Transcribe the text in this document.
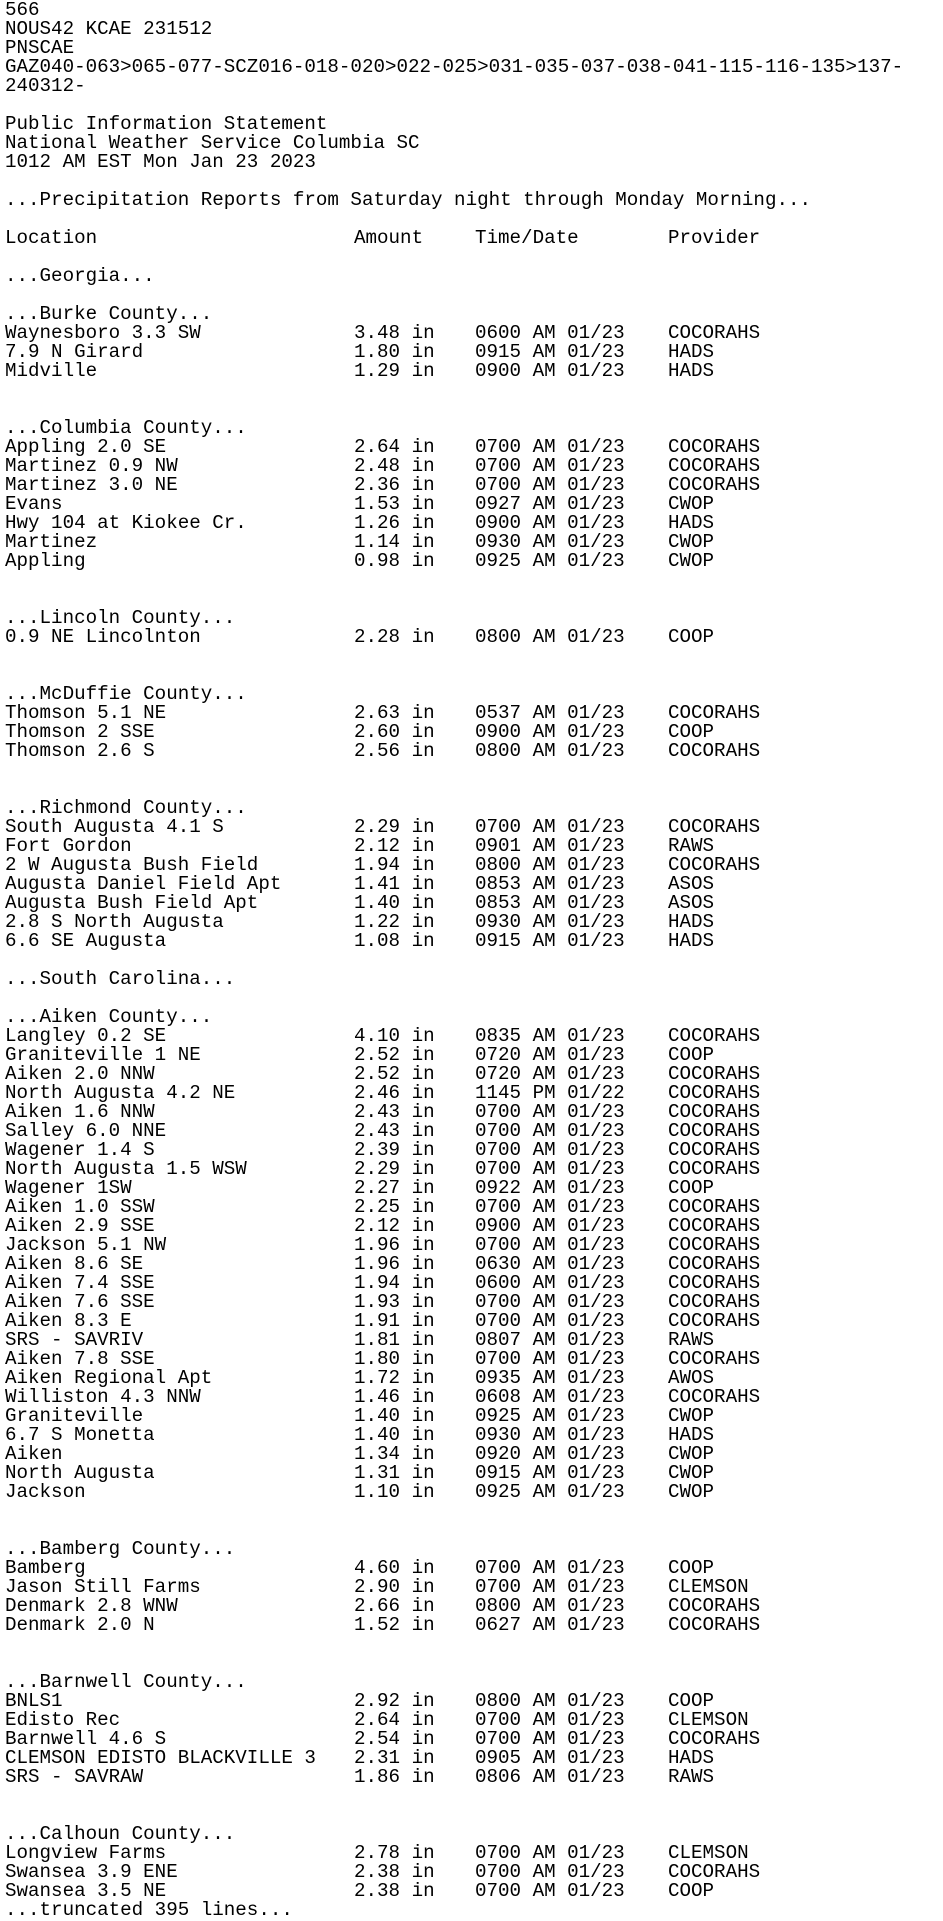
566
NOUS42 KCAE 231512
PNSCAE
GAZ040-063>065-077-SCZ016-018-020>022-025>031-035-037-038-041-115-116-135>137-
240312-
Public Information Statement
National Weather Service Columbia SC
1012 AM EST Mon Jan 23 2023
...Precipitation Reports from Saturday night through Monday Morning...
Location	Amount	Time/Date	Provider
...Georgia...
...Burke County...
Waynesboro 3.3 SW	3.48 in 0600 AM 01/23 COCORAHS
7.9 N Girard	1.80 in 0915 AM 01/23 HADS
Midville	1.29 in 0900 AM 01/23 HADS
...Columbia County...
Appling 2.0 SE	2.64 in 0700 AM 01/23 COCORAHS
Martinez 0.9 NW	2.48 in 0700 AM 01/23 COCORAHS
Martinez 3.0 NE	2.36 in 0700 AM 01/23 COCORAHS
Evans	1.53 in 0927 AM 01/23 CWOP
Hwy 104 at Kiokee Cr.	1.26 in 0900 AM 01/23 HADS
Martinez	1.14 in 0930 AM 01/23 CWOP
Appling	0.98 in 0925 AM 01/23 CWOP
...Lincoln County...
0.9 NE Lincolnton	2.28 in 0800 AM 01/23 COOP
...McDuffie County...
Thomson 5.1 NE	2.63 in 0537 AM 01/23 COCORAHS
Thomson 2 SSE	2.60 in 0900 AM 01/23 COOP
Thomson 2.6 S	2.56 in 0800 AM 01/23 COCORAHS
...Richmond County...
South Augusta 4.1 S	2.29 in 0700 AM 01/23 COCORAHS
Fort Gordon	2.12 in 0901 AM 01/23 RAWS
2 W Augusta Bush Field	1.94 in 0800 AM 01/23 COCORAHS
Augusta Daniel Field Apt	1.41 in 0853 AM 01/23 ASOS
Augusta Bush Field Apt	1.40 in 0853 AM 01/23 ASOS
2.8 S North Augusta	1.22 in 0930 AM 01/23 HADS
6.6 SE Augusta	1.08 in 0915 AM 01/23 HADS
...South Carolina...
...Aiken County...
Langley 0.2 SE	4.10 in 0835 AM 01/23 COCORAHS
Graniteville 1 NE	2.52 in 0720 AM 01/23 COOP
Aiken 2.0 NNW	2.52 in 0720 AM 01/23 COCORAHS
North Augusta 4.2 NE	2.46 in 1145 PM 01/22 COCORAHS
Aiken 1.6 NNW	2.43 in 0700 AM 01/23 COCORAHS
Salley 6.0 NNE	2.43 in 0700 AM 01/23 COCORAHS
Wagener 1.4 S	2.39 in 0700 AM 01/23 COCORAHS
North Augusta 1.5 WSW	2.29 in 0700 AM 01/23 COCORAHS
Wagener 1SW	2.27 in 0922 AM 01/23 COOP
Aiken 1.0 SSW	2.25 in 0700 AM 01/23 COCORAHS
Aiken 2.9 SSE	2.12 in 0900 AM 01/23 COCORAHS
Jackson 5.1 NW	1.96 in 0700 AM 01/23 COCORAHS
Aiken 8.6 SE	1.96 in 0630 AM 01/23 COCORAHS
Aiken 7.4 SSE	1.94 in 0600 AM 01/23 COCORAHS
Aiken 7.6 SSE	1.93 in 0700 AM 01/23 COCORAHS
Aiken 8.3 E	1.91 in 0700 AM 01/23 COCORAHS
SRS - SAVRIV	1.81 in 0807 AM 01/23 RAWS
Aiken 7.8 SSE	1.80 in 0700 AM 01/23 COCORAHS
Aiken Regional Apt	1.72 in 0935 AM 01/23 AWOS
Williston 4.3 NNW	1.46 in 0608 AM 01/23 COCORAHS
Graniteville	1.40 in 0925 AM 01/23 CWOP
6.7 S Monetta	1.40 in 0930 AM 01/23 HADS
Aiken	1.34 in 0920 AM 01/23 CWOP
North Augusta	1.31 in 0915 AM 01/23 CWOP
Jackson	1.10 in 0925 AM 01/23 CWOP
...Bamberg County...
Bamberg	4.60 in 0700 AM 01/23 COOP
Jason Still Farms	2.90 in 0700 AM 01/23 CLEMSON
Denmark 2.8 WNW	2.66 in 0800 AM 01/23 COCORAHS
Denmark 2.0 N	1.52 in 0627 AM 01/23 COCORAHS
...Barnwell County...
BNLS1	2.92 in 0800 AM 01/23 COOP
Edisto Rec	2.64 in 0700 AM 01/23 CLEMSON
Barnwell 4.6 S	2.54 in 0700 AM 01/23 COCORAHS
CLEMSON EDISTO BLACKVILLE 3 2.31 in 0905 AM 01/23 HADS
SRS - SAVRAW	1.86 in 0806 AM 01/23 RAWS
...Calhoun County...
Longview Farms	2.78 in 0700 AM 01/23 CLEMSON
Swansea 3.9 ENE	2.38 in 0700 AM 01/23 COCORAHS
Swansea 3.5 NE	2.38 in 0700 AM 01/23 COOP
...truncated 395 lines...
